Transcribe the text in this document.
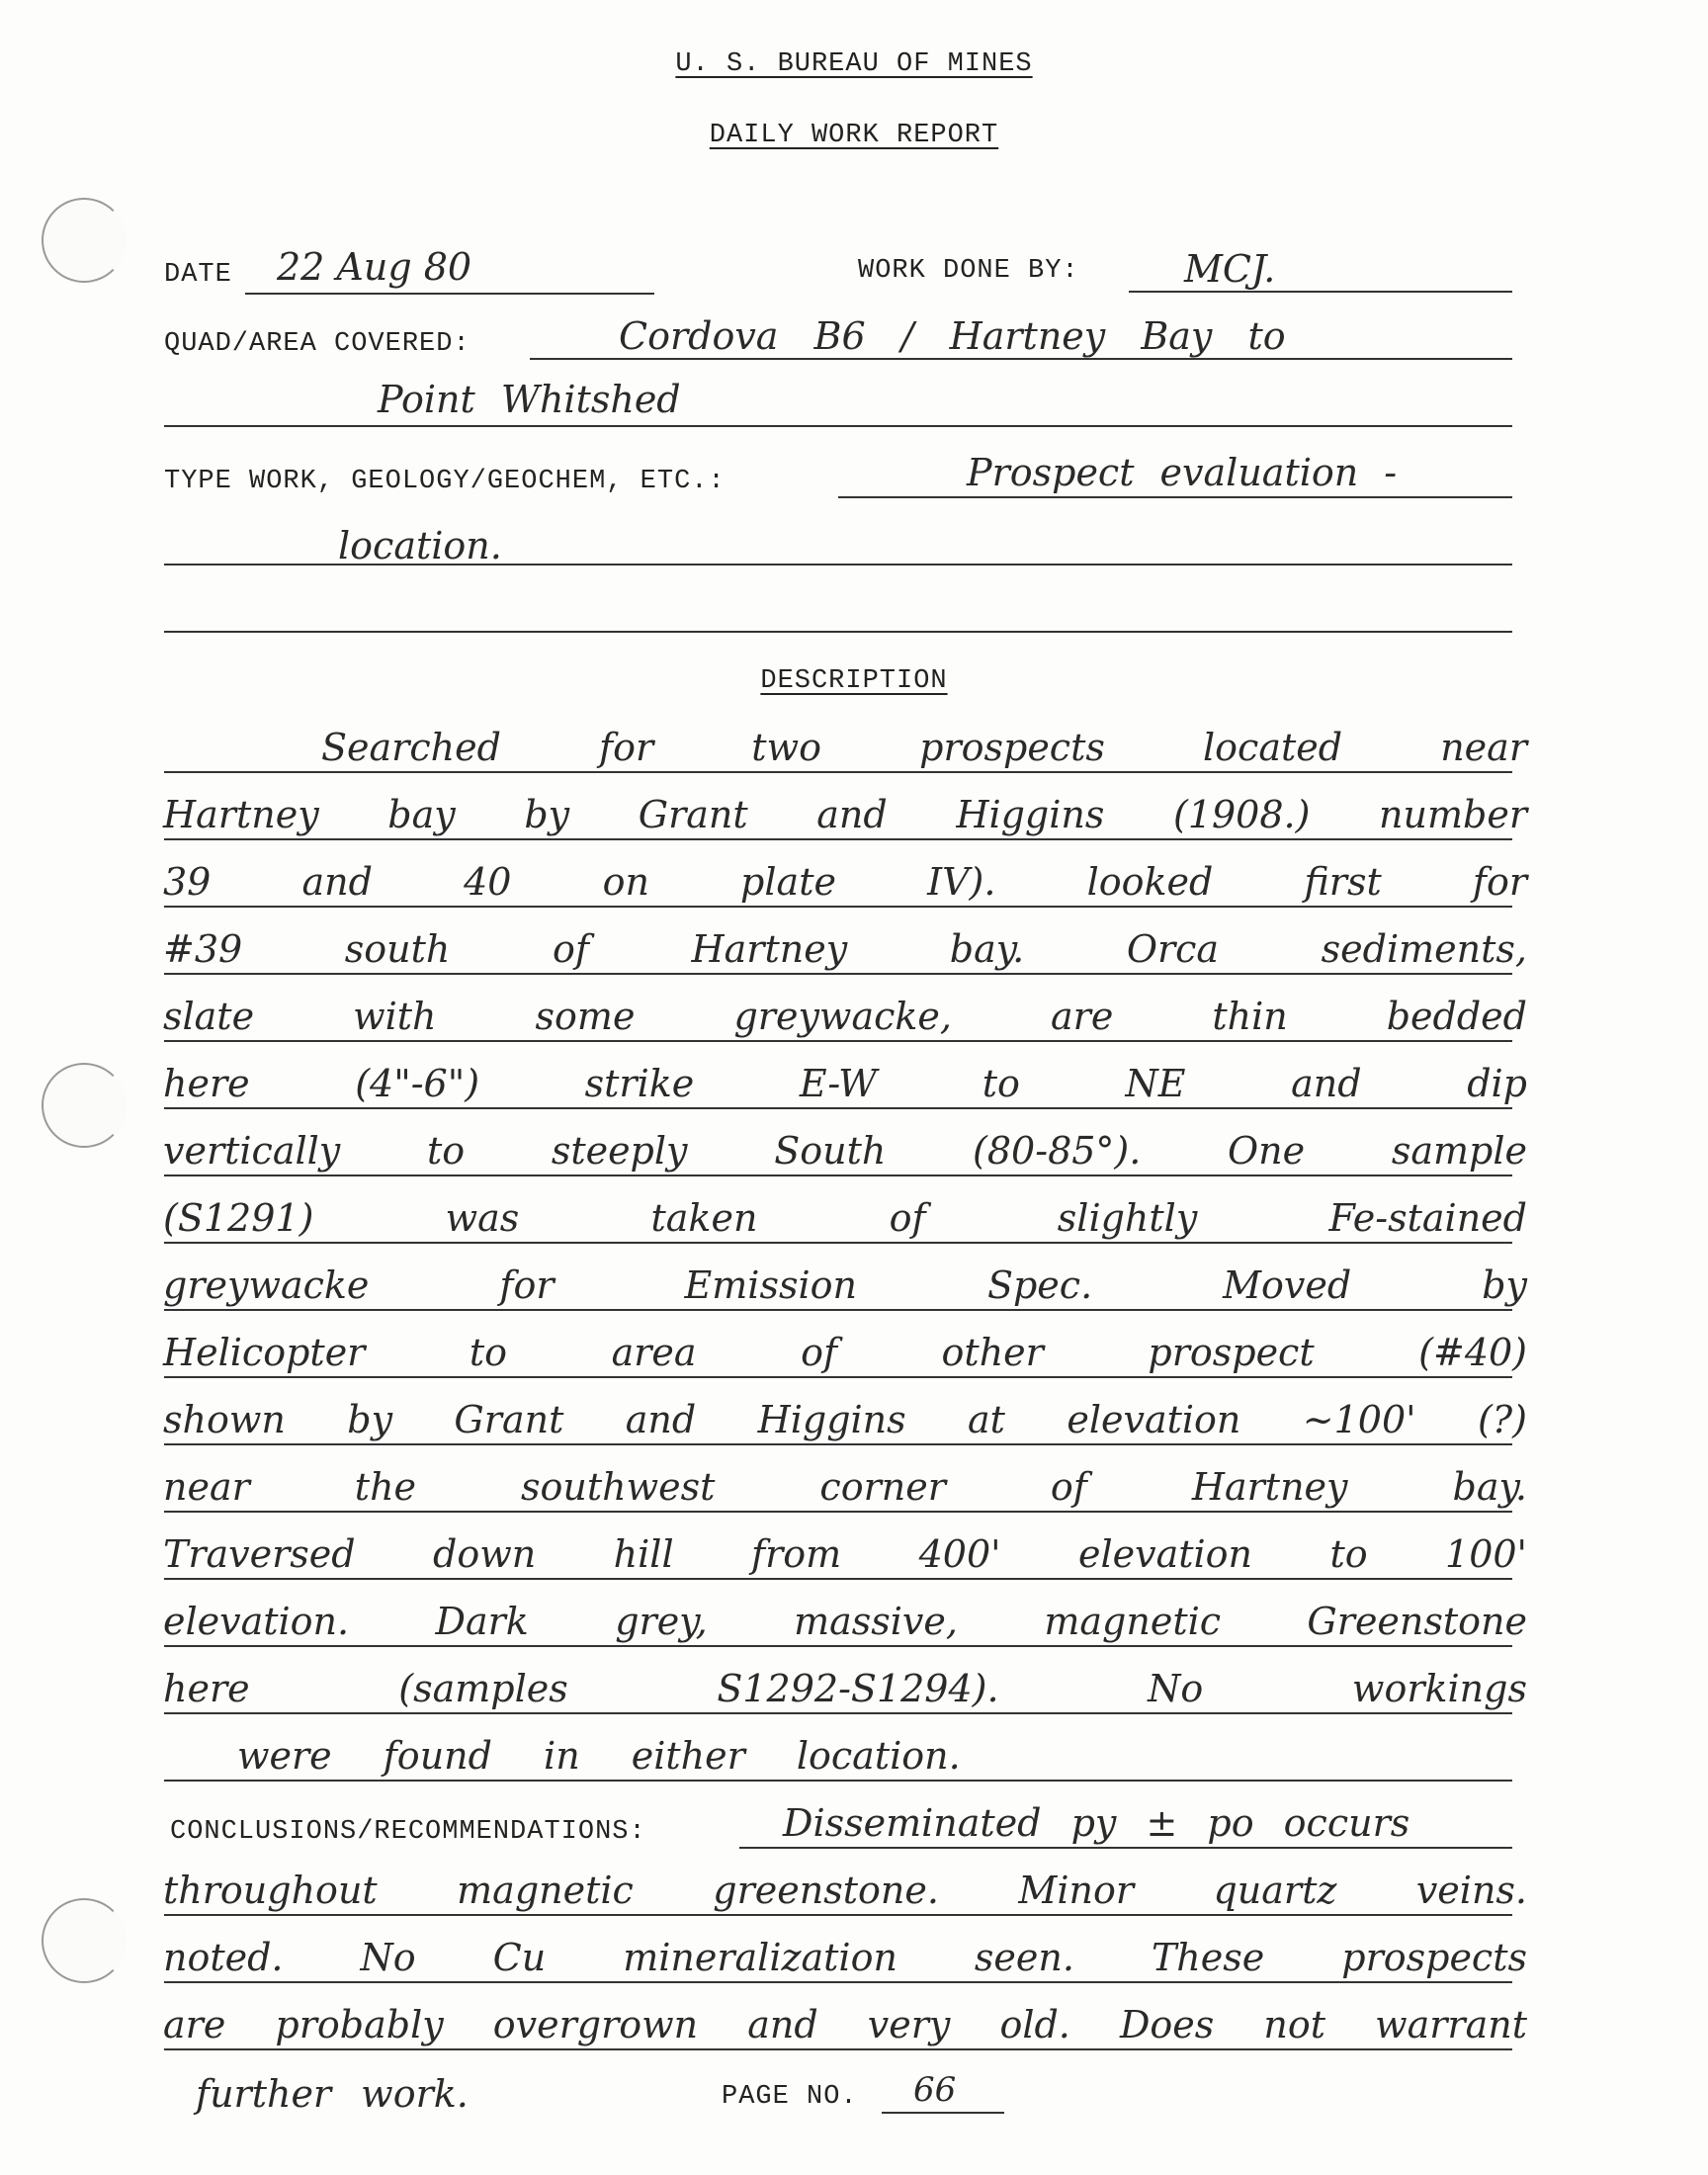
U. S. BUREAU OF MINES
DAILY WORK REPORT
DATE 22 Aug 80	WORK DONE BY:	MCJ.
QUAD/AREA COVERED:	Cordova B6 / Hartney Bay to
Point Whitshed
TYPE WORK, GEOLOGY/GEOCHEM, ETC.:	Prospect evaluation -
location.
DESCRIPTION
Searched for two prospects located near
Hartney bay by Grant and Higgins (1908.) number
39 and 40 on plate IV). looked first for
#39 south of Hartney bay. Orca sediments,
slate with some greywacke, are thin bedded
here (4"-6") strike E-W to NE and dip
vertically to steeply South (80-85°). One sample
(S1291) was taken of slightly Fe-stained
greywacke for Emission Spec. Moved by
Helicopter to area of other prospect (#40)
shown by Grant and Higgins at elevation ~100' (?)
near the southwest corner of Hartney bay.
Traversed down hill from 400' elevation to 100'
elevation. Dark grey, massive, magnetic Greenstone
here (samples S1292-S1294). No workings
were found in either location.
CONCLUSIONS/RECOMMENDATIONS:	Disseminated py ± po occurs
throughout magnetic greenstone. Minor quartz veins.
noted. No Cu mineralization seen. These prospects
are probably overgrown and very old. Does not warrant
further work.	PAGE NO. 66
